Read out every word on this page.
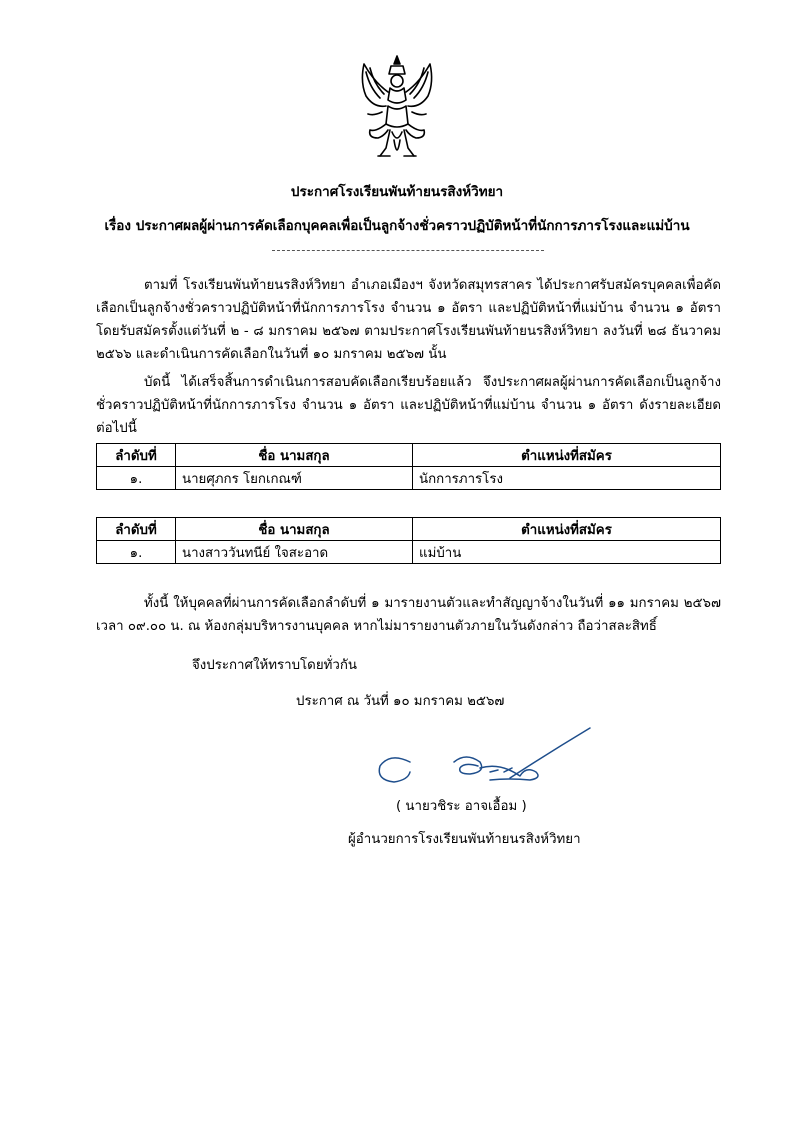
ประกาศโรงเรียนพันท้ายนรสิงห์วิทยา
เรื่อง ประกาศผลผู้ผ่านการคัดเลือกบุคคลเพื่อเป็นลูกจ้างชั่วคราวปฏิบัติหน้าที่นักการภารโรงและแม่บ้าน

ตามที่ โรงเรียนพันท้ายนรสิงห์วิทยา อำเภอเมืองฯ จังหวัดสมุทรสาคร ได้ประกาศรับสมัครบุคคลเพื่อคัดเลือกเป็นลูกจ้างชั่วคราวปฏิบัติหน้าที่นักการภารโรง จำนวน ๑ อัตรา และปฏิบัติหน้าที่แม่บ้าน จำนวน ๑ อัตรา โดยรับสมัครตั้งแต่วันที่ ๒ - ๘ มกราคม ๒๕๖๗ ตามประกาศโรงเรียนพันท้ายนรสิงห์วิทยา ลงวันที่ ๒๘ ธันวาคม ๒๕๖๖ และดำเนินการคัดเลือกในวันที่ ๑๐ มกราคม ๒๕๖๗ นั้น

บัดนี้ ได้เสร็จสิ้นการดำเนินการสอบคัดเลือกเรียบร้อยแล้ว จึงประกาศผลผู้ผ่านการคัดเลือกเป็นลูกจ้างชั่วคราวปฏิบัติหน้าที่นักการภารโรง จำนวน ๑ อัตรา และปฏิบัติหน้าที่แม่บ้าน จำนวน ๑ อัตรา ดังรายละเอียดต่อไปนี้

ลำดับที่	ชื่อ นามสกุล	ตำแหน่งที่สมัคร
๑.	นายศุภกร โยกเกณฑ์	นักการภารโรง
ลำดับที่	ชื่อ นามสกุล	ตำแหน่งที่สมัคร
๑.	นางสาววันทนีย์ ใจสะอาด	แม่บ้าน

ทั้งนี้ ให้บุคคลที่ผ่านการคัดเลือกลำดับที่ ๑ มารายงานตัวและทำสัญญาจ้างในวันที่ ๑๑ มกราคม ๒๕๖๗ เวลา ๐๙.๐๐ น. ณ ห้องกลุ่มบริหารงานบุคคล หากไม่มารายงานตัวภายในวันดังกล่าว ถือว่าสละสิทธิ์

จึงประกาศให้ทราบโดยทั่วกัน
ประกาศ ณ วันที่ ๑๐ มกราคม ๒๕๖๗
( นายวชิระ อาจเอื้อม )
ผู้อำนวยการโรงเรียนพันท้ายนรสิงห์วิทยา
